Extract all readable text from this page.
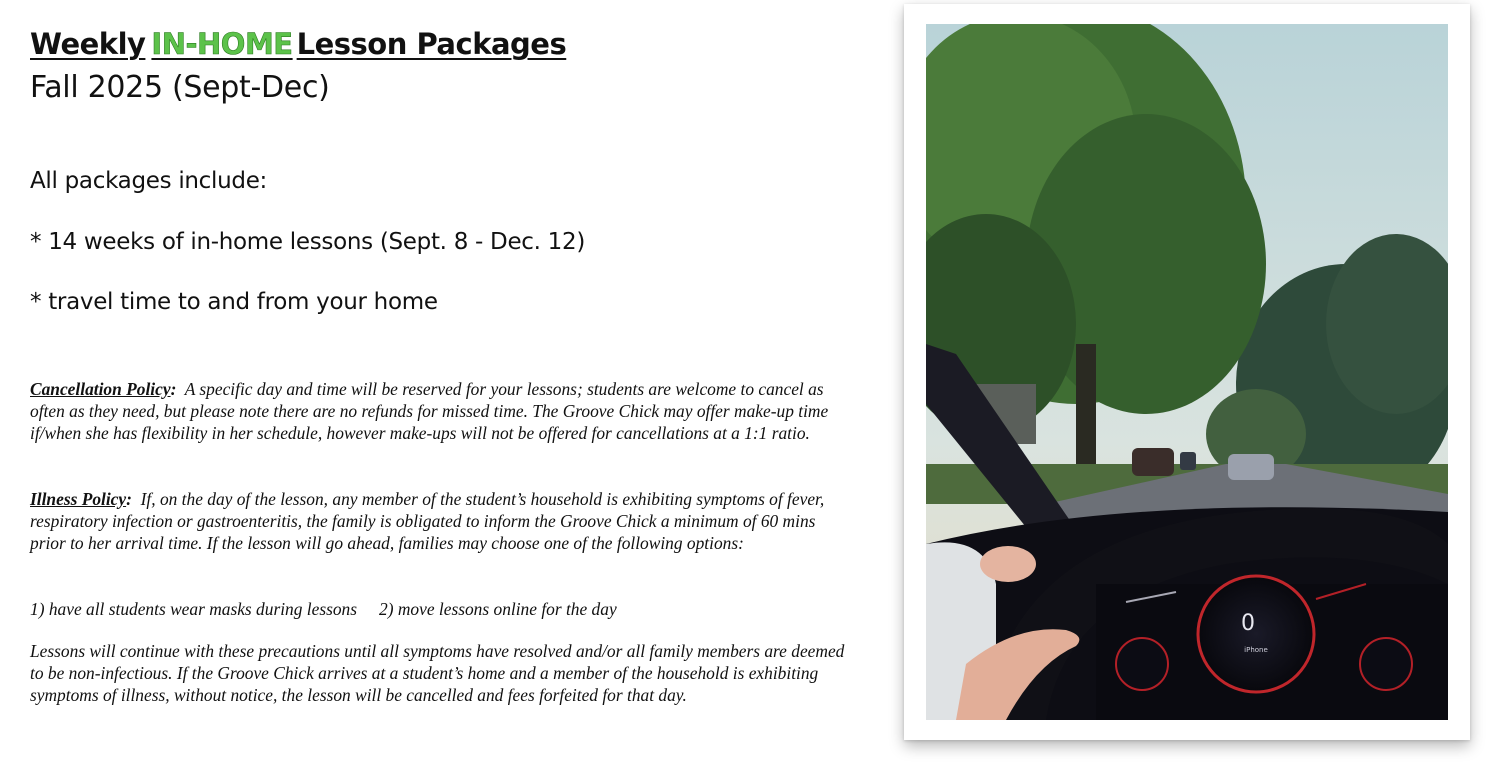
Weekly IN-HOME Lesson Packages
Fall 2025 (Sept-Dec)
All packages include:
* 14 weeks of in-home lessons (Sept. 8 - Dec. 12)
* travel time to and from your home
Cancellation Policy: A specific day and time will be reserved for your lessons; students are welcome to cancel as often as they need, but please note there are no refunds for missed time. The Groove Chick may offer make-up time if/when she has flexibility in her schedule, however make-ups will not be offered for cancellations at a 1:1 ratio.
Illness Policy: If, on the day of the lesson, any member of the student’s household is exhibiting symptoms of fever, respiratory infection or gastroenteritis, the family is obligated to inform the Groove Chick a minimum of 60 mins prior to her arrival time. If the lesson will go ahead, families may choose one of the following options:
1) have all students wear masks during lessons 2) move lessons online for the day
Lessons will continue with these precautions until all symptoms have resolved and/or all family members are deemed to be non-infectious. If the Groove Chick arrives at a student’s home and a member of the household is exhibiting symptoms of illness, without notice, the lesson will be cancelled and fees forfeited for that day.
0
iPhone
